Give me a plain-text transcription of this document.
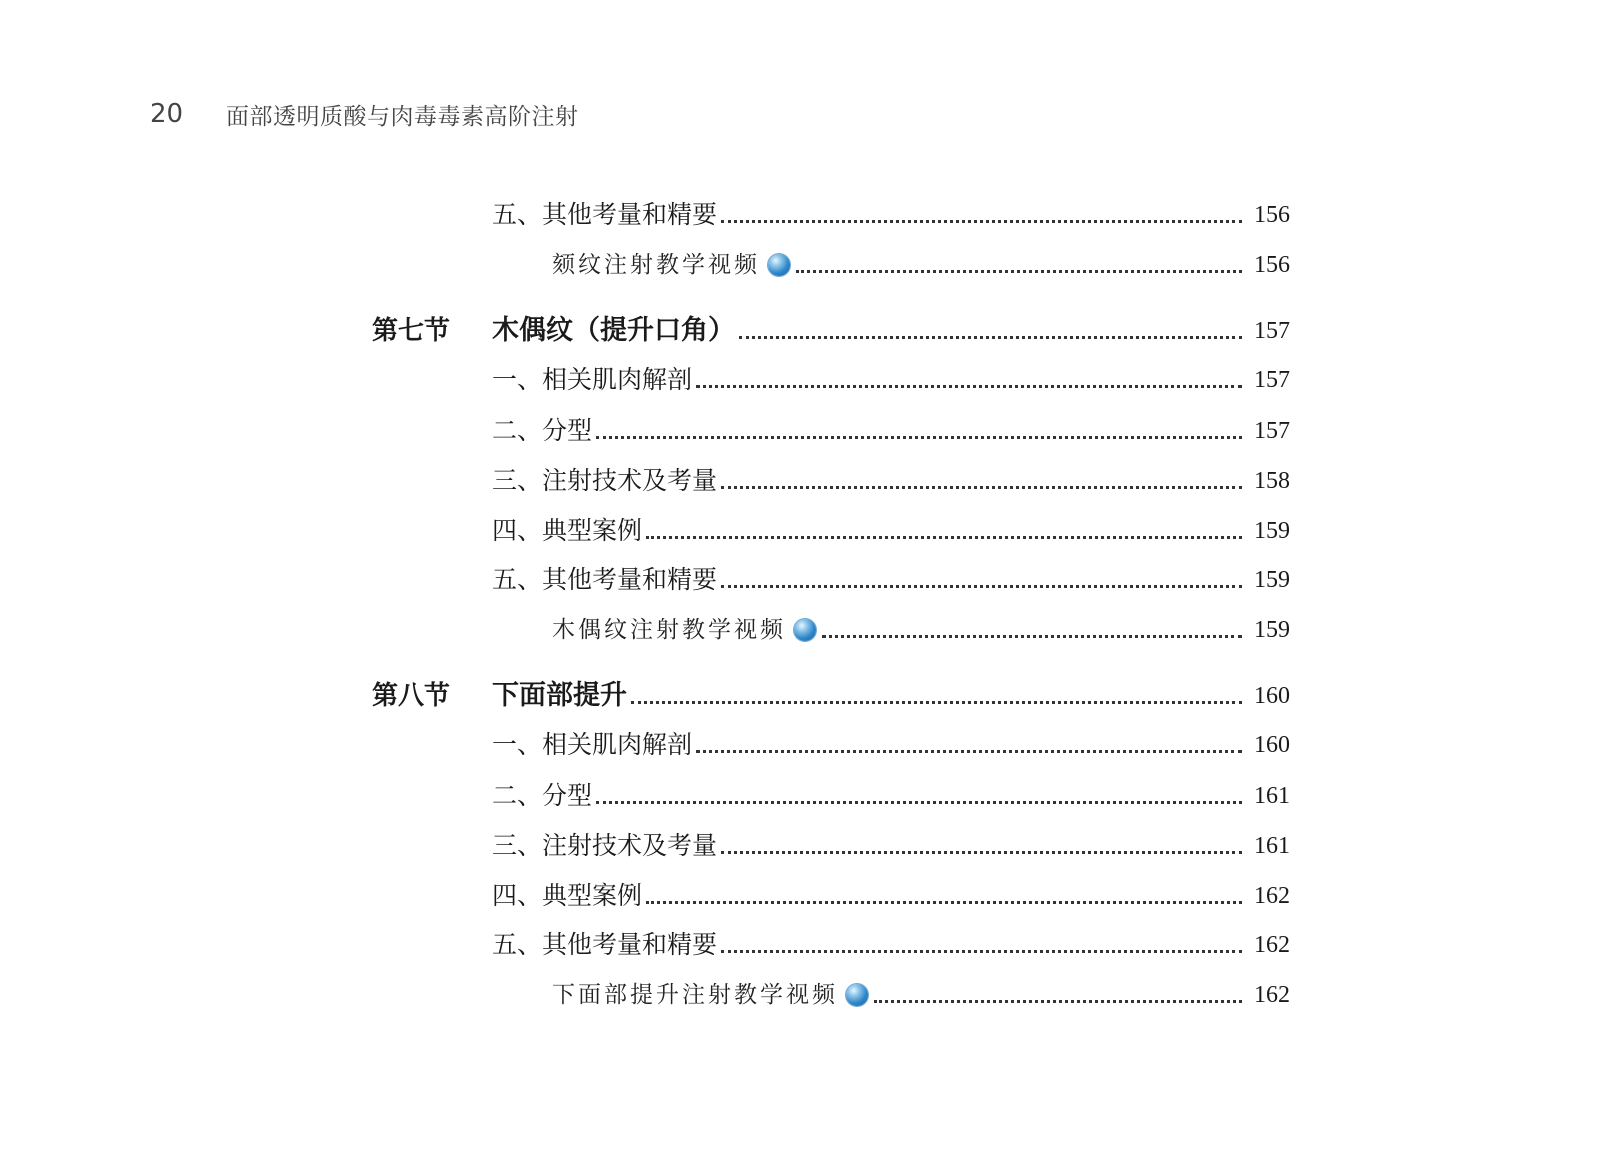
20	面部透明质酸与肉毒毒素高阶注射
五、其他考量和精要	156
颏纹注射教学视频	156
第七节	木偶纹（提升口角）	157
一、相关肌肉解剖	157
二、分型	157
三、注射技术及考量	158
四、典型案例	159
五、其他考量和精要	159
木偶纹注射教学视频	159
第八节	下面部提升	160
一、相关肌肉解剖	160
二、分型	161
三、注射技术及考量	161
四、典型案例	162
五、其他考量和精要	162
下面部提升注射教学视频	162
